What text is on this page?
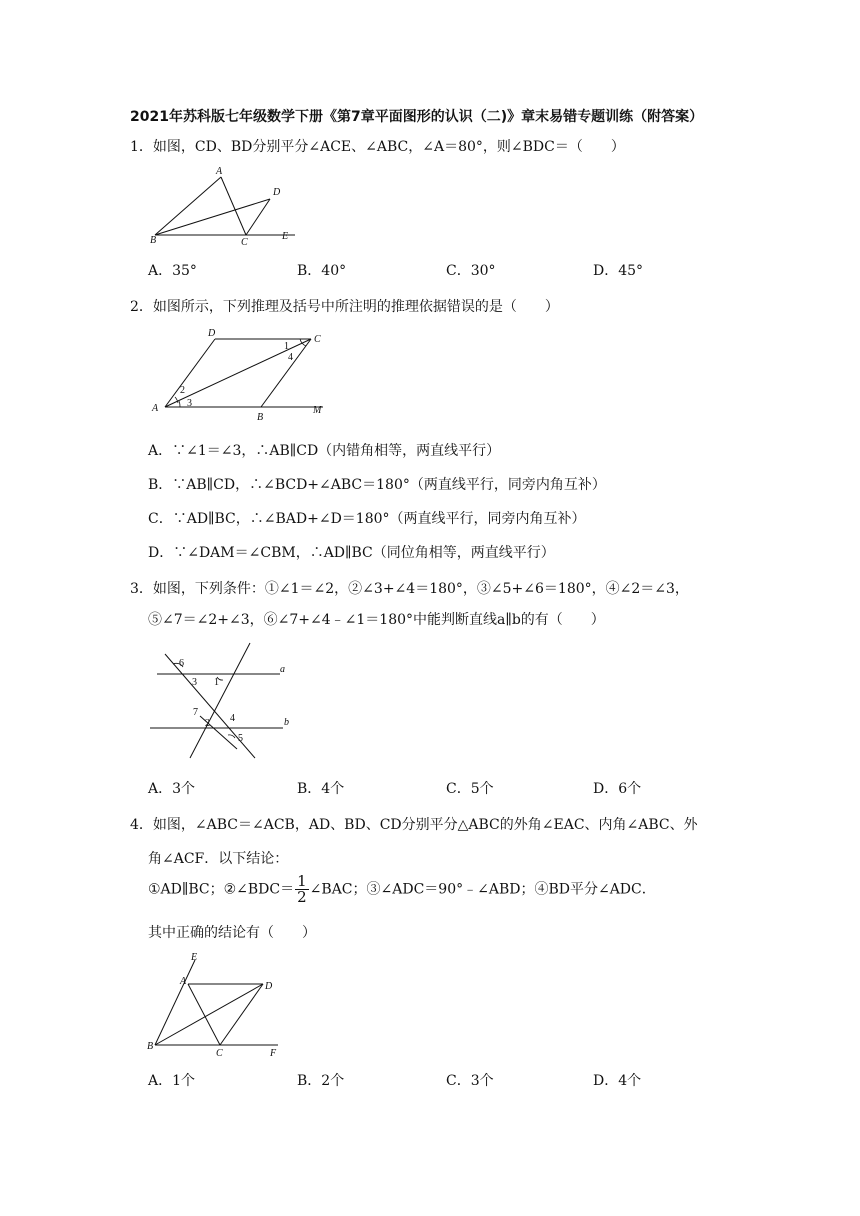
2021年苏科版七年级数学下册《第7章平面图形的认识（二)》章末易错专题训练（附答案）
1．如图，CD、BD分别平分∠ACE、∠ABC，∠A＝80°，则∠BDC＝（　　）
A
D
B	C
E
A．35°	B．40°	C．30°	D．45°
2．如图所示，下列推理及括号中所注明的推理依据错误的是（　　）
D
C
1
4
2
A	3
B
M
A．∵∠1＝∠3，∴AB∥CD（内错角相等，两直线平行）
B．∵AB∥CD，∴∠BCD+∠ABC＝180°（两直线平行，同旁内角互补）
C．∵AD∥BC，∴∠BAD+∠D＝180°（两直线平行，同旁内角互补）
D．∵∠DAM＝∠CBM，∴AD∥BC（同位角相等，两直线平行）
3．如图，下列条件：①∠1＝∠2，②∠3+∠4＝180°，③∠5+∠6＝180°，④∠2＝∠3，
⑤∠7＝∠2+∠3，⑥∠7+∠4﹣∠1＝180°中能判断直线a∥b的有（　　）
6
a
3 1
7
2 4	b
5
A．3个	B．4个	C．5个	D．6个
4．如图，∠ABC＝∠ACB，AD、BD、CD分别平分△ABC的外角∠EAC、内角∠ABC、外
角∠ACF．以下结论：
①AD∥BC；②∠BDC＝ $\frac{1}{2}$ ∠BAC；③∠ADC＝90°﹣∠ABD；④BD平分∠ADC．
其中正确的结论有（　　）
E
A	D
B
C	F
A．1个	B．2个	C．3个	D．4个
